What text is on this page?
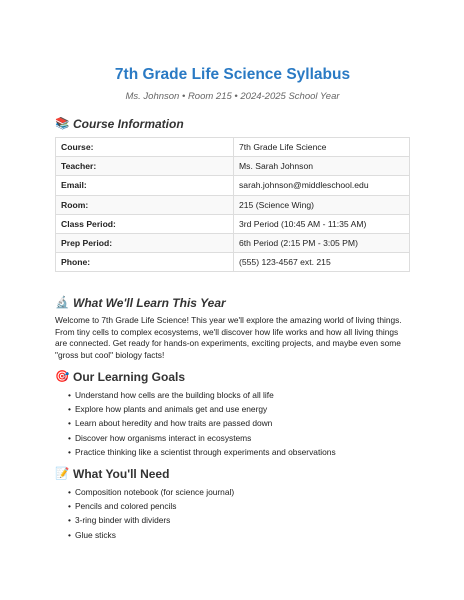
7th Grade Life Science Syllabus

Ms. Johnson • Room 215 • 2024-2025 School Year

📚 Course Information
Course:	7th Grade Life Science
Teacher:	Ms. Sarah Johnson
Email:	sarah.johnson@middleschool.edu
Room:	215 (Science Wing)
Class Period:	3rd Period (10:45 AM - 11:35 AM)
Prep Period:	6th Period (2:15 PM - 3:05 PM)
Phone:	(555) 123-4567 ext. 215
🔬 What We'll Learn This Year

Welcome to 7th Grade Life Science! This year we'll explore the amazing world of living things. From tiny cells to complex ecosystems, we'll discover how life works and how all living things are connected. Get ready for hands-on experiments, exciting projects, and maybe even some "gross but cool" biology facts!

🎯 Our Learning Goals
• Understand how cells are the building blocks of all life
• Explore how plants and animals get and use energy
• Learn about heredity and how traits are passed down
• Discover how organisms interact in ecosystems
• Practice thinking like a scientist through experiments and observations
📝 What You'll Need
• Composition notebook (for science journal)
• Pencils and colored pencils
• 3-ring binder with dividers
• Glue sticks
